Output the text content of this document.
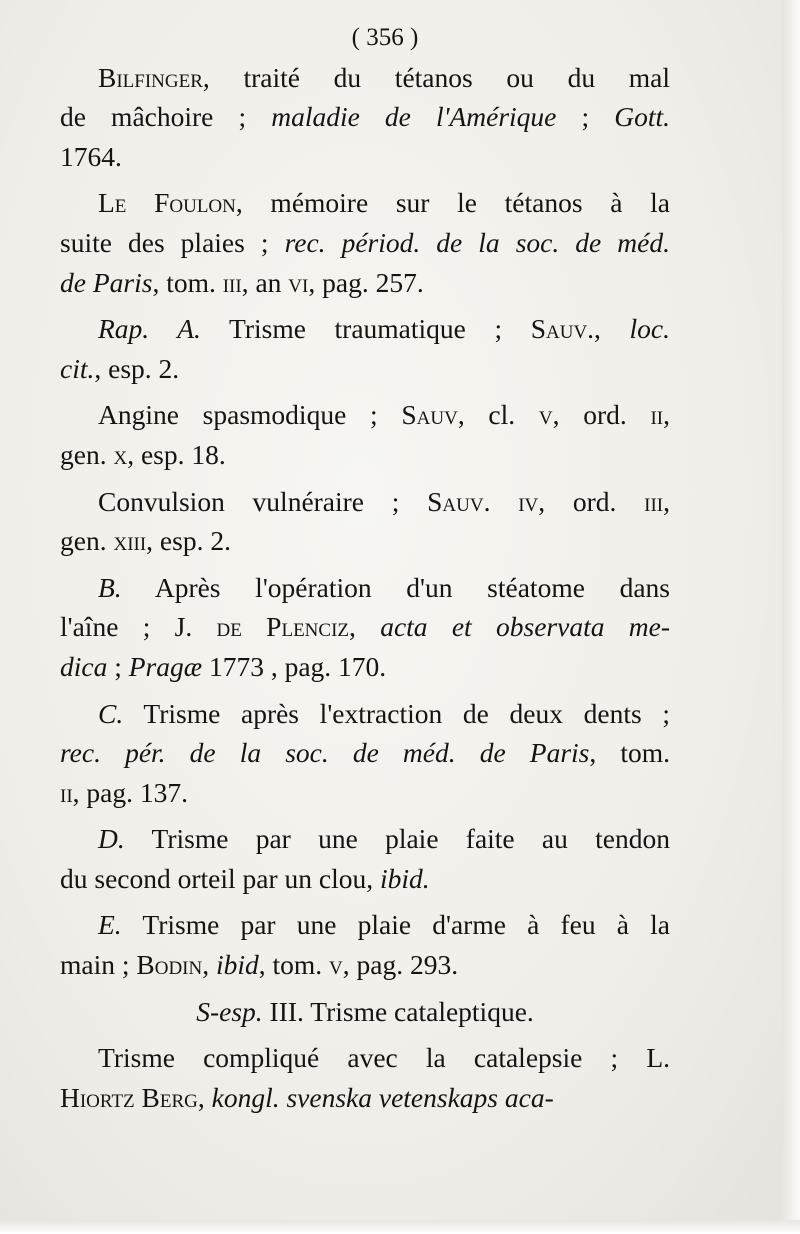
( 356 )
Bilfinger, traité du tétanos ou du mal
de mâchoire ; maladie de l'Amérique ; Gott.
1764.
Le Foulon, mémoire sur le tétanos à la
suite des plaies ; rec. périod. de la soc. de méd.
de Paris, tom. iii, an vi, pag. 257.
Rap. A. Trisme traumatique ; Sauv., loc.
cit., esp. 2.
Angine spasmodique ; Sauv, cl. v, ord. ii,
gen. x, esp. 18.
Convulsion vulnéraire ; Sauv. iv, ord. iii,
gen. xiii, esp. 2.
B. Après l'opération d'un stéatome dans
l'aîne ; J. de Plenciz, acta et observata me-
dica ; Pragæ 1773 , pag. 170.
C. Trisme après l'extraction de deux dents ;
rec. pér. de la soc. de méd. de Paris, tom.
ii, pag. 137.
D. Trisme par une plaie faite au tendon
du second orteil par un clou, ibid.
E. Trisme par une plaie d'arme à feu à la
main ; Bodin, ibid, tom. v, pag. 293.
S-esp. III. Trisme cataleptique.
Trisme compliqué avec la catalepsie ; L.
Hiortz Berg, kongl. svenska vetenskaps aca-
